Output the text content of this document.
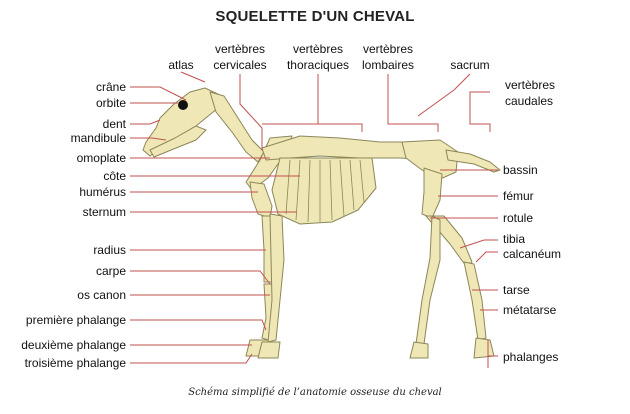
SQUELETTE D'UN CHEVAL
crâne
orbite
dent
mandibule
omoplate
côte
humérus
sternum
radius
carpe
os canon
première phalange
deuxième phalange
troisième phalange
atlas
vertèbres
cervicales
vertèbres
thoraciques
vertèbres
lombaires	sacrum
vertèbres
caudales
bassin
fémur
rotule
tibia
calcanéum
tarse
métatarse
phalanges
Schéma simplifié de l’anatomie osseuse du cheval
